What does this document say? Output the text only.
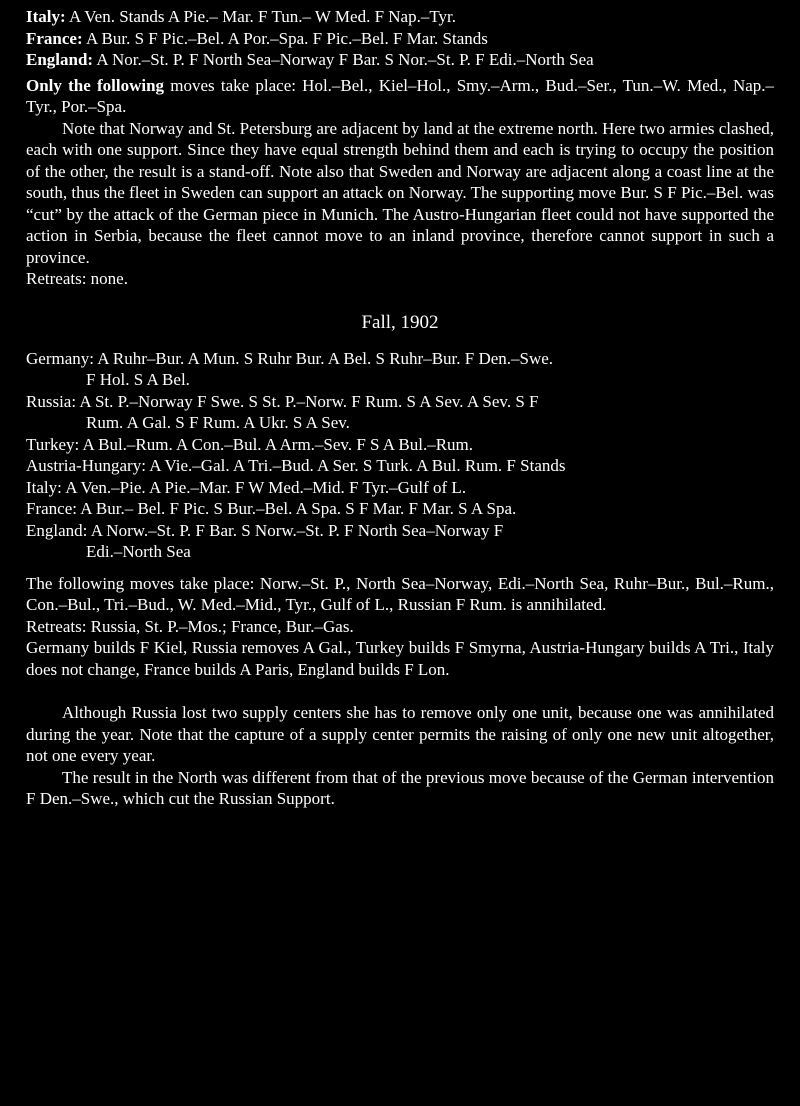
Italy: A Ven. Stands A Pie.– Mar. F Tun.– W Med. F Nap.–Tyr.
France: A Bur. S F Pic.–Bel. A Por.–Spa. F Pic.–Bel. F Mar. Stands
England: A Nor.–St. P. F North Sea–Norway F Bar. S Nor.–St. P. F Edi.–North Sea

Only the following moves take place: Hol.–Bel., Kiel–Hol., Smy.–Arm., Bud.–Ser., Tun.–W. Med., Nap.–Tyr., Por.–Spa.

Note that Norway and St. Petersburg are adjacent by land at the extreme north. Here two armies clashed, each with one support. Since they have equal strength behind them and each is trying to occupy the position of the other, the result is a stand-off. Note also that Sweden and Norway are adjacent along a coast line at the south, thus the fleet in Sweden can support an attack on Norway. The supporting move Bur. S F Pic.–Bel. was “cut” by the attack of the German piece in Munich. The Austro-Hungarian fleet could not have supported the action in Serbia, because the fleet cannot move to an inland province, therefore cannot support in such a province.

Retreats: none.

Fall, 1902
Germany: A Ruhr–Bur. A Mun. S Ruhr Bur. A Bel. S Ruhr–Bur. F Den.–Swe.
F Hol. S A Bel.
Russia: A St. P.–Norway F Swe. S St. P.–Norw. F Rum. S A Sev. A Sev. S F
Rum. A Gal. S F Rum. A Ukr. S A Sev.
Turkey: A Bul.–Rum. A Con.–Bul. A Arm.–Sev. F S A Bul.–Rum.
Austria-Hungary: A Vie.–Gal. A Tri.–Bud. A Ser. S Turk. A Bul. Rum. F Stands
Italy: A Ven.–Pie. A Pie.–Mar. F W Med.–Mid. F Tyr.–Gulf of L.
France: A Bur.– Bel. F Pic. S Bur.–Bel. A Spa. S F Mar. F Mar. S A Spa.
England: A Norw.–St. P. F Bar. S Norw.–St. P. F North Sea–Norway F
Edi.–North Sea

The following moves take place: Norw.–St. P., North Sea–Norway, Edi.–North Sea, Ruhr–Bur., Bul.–Rum., Con.–Bul., Tri.–Bud., W. Med.–Mid., Tyr., Gulf of L., Russian F Rum. is annihilated.

Retreats: Russia, St. P.–Mos.; France, Bur.–Gas.

Germany builds F Kiel, Russia removes A Gal., Turkey builds F Smyrna, Austria-Hungary builds A Tri., Italy does not change, France builds A Paris, England builds F Lon.

Although Russia lost two supply centers she has to remove only one unit, because one was annihilated during the year. Note that the capture of a supply center permits the raising of only one new unit altogether, not one every year.

The result in the North was different from that of the previous move because of the German intervention F Den.–Swe., which cut the Russian Support.
